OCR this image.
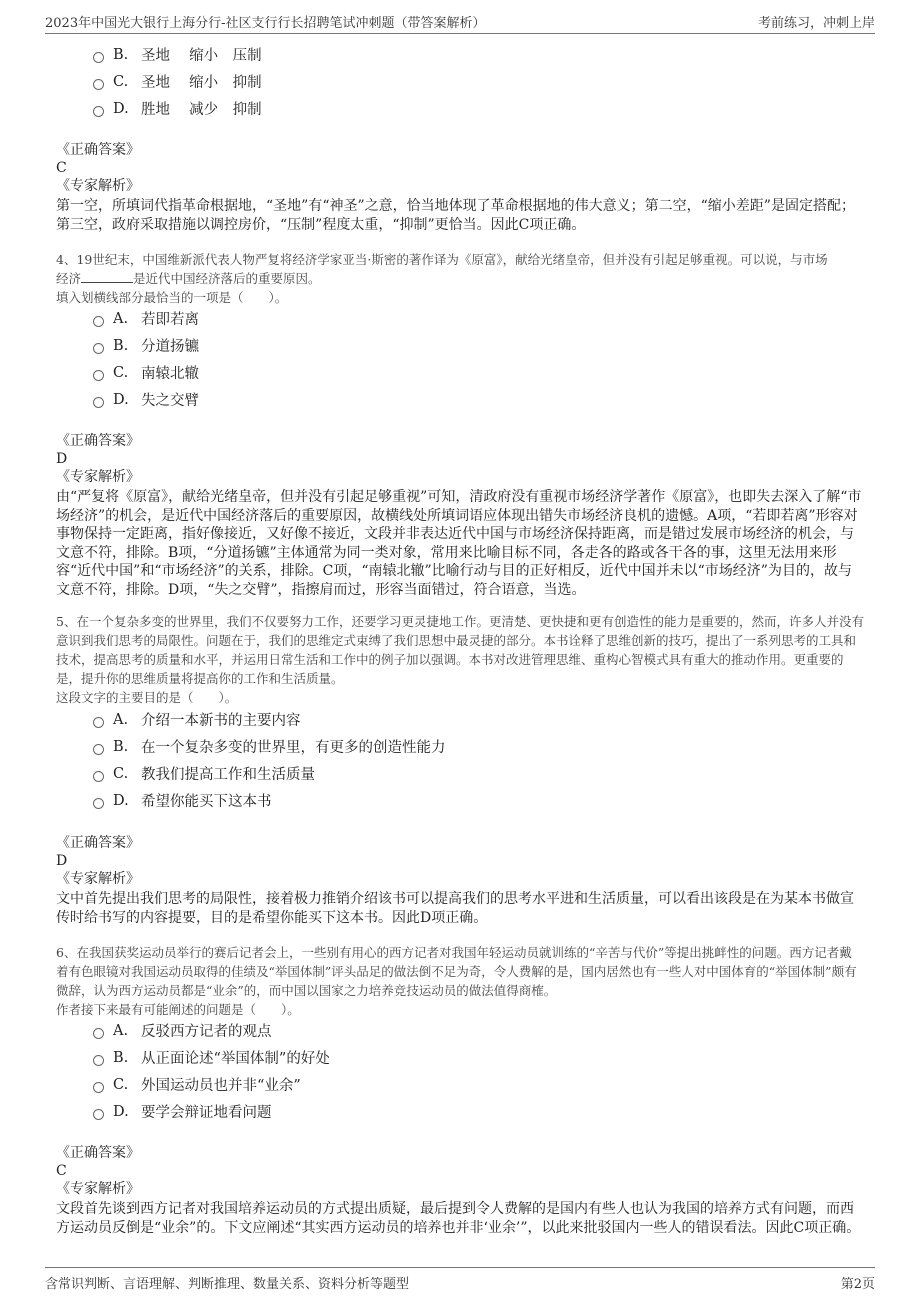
2023年中国光大银行上海分行-社区支行行长招聘笔试冲刺题（带答案解析）	考前练习，冲刺上岸
B. 圣地　 缩小　压制
C. 圣地　 缩小　抑制
D. 胜地　 减少　抑制
《正确答案》
C
《专家解析》
第一空，所填词代指革命根据地，“圣地”有“神圣”之意，恰当地体现了革命根据地的伟大意义；第二空，“缩小差距”是固定搭配；第三空，政府采取措施以调控房价，“压制”程度太重，“抑制”更恰当。因此C项正确。

4、19世纪末，中国维新派代表人物严复将经济学家亚当·斯密的著作译为《原富》，献给光绪皇帝，但并没有引起足够重视。可以说，与市场

经济	是近代中国经济落后的重要原因。

填入划横线部分最恰当的一项是（　　）。

A. 若即若离
B. 分道扬镳
C. 南辕北辙
D. 失之交臂
《正确答案》
D
《专家解析》
由“严复将《原富》，献给光绪皇帝，但并没有引起足够重视”可知，清政府没有重视市场经济学著作《原富》，也即失去深入了解“市场经济”的机会，是近代中国经济落后的重要原因，故横线处所填词语应体现出错失市场经济良机的遗憾。A项，“若即若离”形容对事物保持一定距离，指好像接近，又好像不接近，文段并非表达近代中国与市场经济保持距离，而是错过发展市场经济的机会，与文意不符，排除。B项，“分道扬镳”主体通常为同一类对象，常用来比喻目标不同，各走各的路或各干各的事，这里无法用来形容“近代中国”和“市场经济”的关系，排除。C项，“南辕北辙”比喻行动与目的正好相反，近代中国并未以“市场经济”为目的，故与文意不符，排除。D项，“失之交臂”，指擦肩而过，形容当面错过，符合语意，当选。

5、在一个复杂多变的世界里，我们不仅要努力工作，还要学习更灵捷地工作。更清楚、更快捷和更有创造性的能力是重要的，然而，许多人并没有意识到我们思考的局限性。问题在于，我们的思维定式束缚了我们思想中最灵捷的部分。本书诠释了思维创新的技巧，提出了一系列思考的工具和技术，提高思考的质量和水平，并运用日常生活和工作中的例子加以强调。本书对改进管理思维、重构心智模式具有重大的推动作用。更重要的是，提升你的思维质量将提高你的工作和生活质量。

这段文字的主要目的是（　　）。

A. 介绍一本新书的主要内容
B. 在一个复杂多变的世界里，有更多的创造性能力
C. 教我们提高工作和生活质量
D. 希望你能买下这本书
《正确答案》
D
《专家解析》
文中首先提出我们思考的局限性，接着极力推销介绍该书可以提高我们的思考水平进和生活质量，可以看出该段是在为某本书做宣传时给书写的内容提要，目的是希望你能买下这本书。因此D项正确。

6、在我国获奖运动员举行的赛后记者会上，一些别有用心的西方记者对我国年轻运动员就训练的“辛苦与代价”等提出挑衅性的问题。西方记者戴着有色眼镜对我国运动员取得的佳绩及“举国体制”评头品足的做法倒不足为奇，令人费解的是，国内居然也有一些人对中国体育的“举国体制”颇有微辞，认为西方运动员都是“业余”的，而中国以国家之力培养竞技运动员的做法值得商榷。

作者接下来最有可能阐述的问题是（　　）。

A. 反驳西方记者的观点
B. 从正面论述“举国体制”的好处
C. 外国运动员也并非“业余”
D. 要学会辩证地看问题
《正确答案》
C
《专家解析》
文段首先谈到西方记者对我国培养运动员的方式提出质疑，最后提到令人费解的是国内有些人也认为我国的培养方式有问题，而西方运动员反倒是“业余”的。下文应阐述“其实西方运动员的培养也并非‘业余’”，以此来批驳国内一些人的错误看法。因此C项正确。
含常识判断、言语理解、判断推理、数量关系、资料分析等题型	第2页
